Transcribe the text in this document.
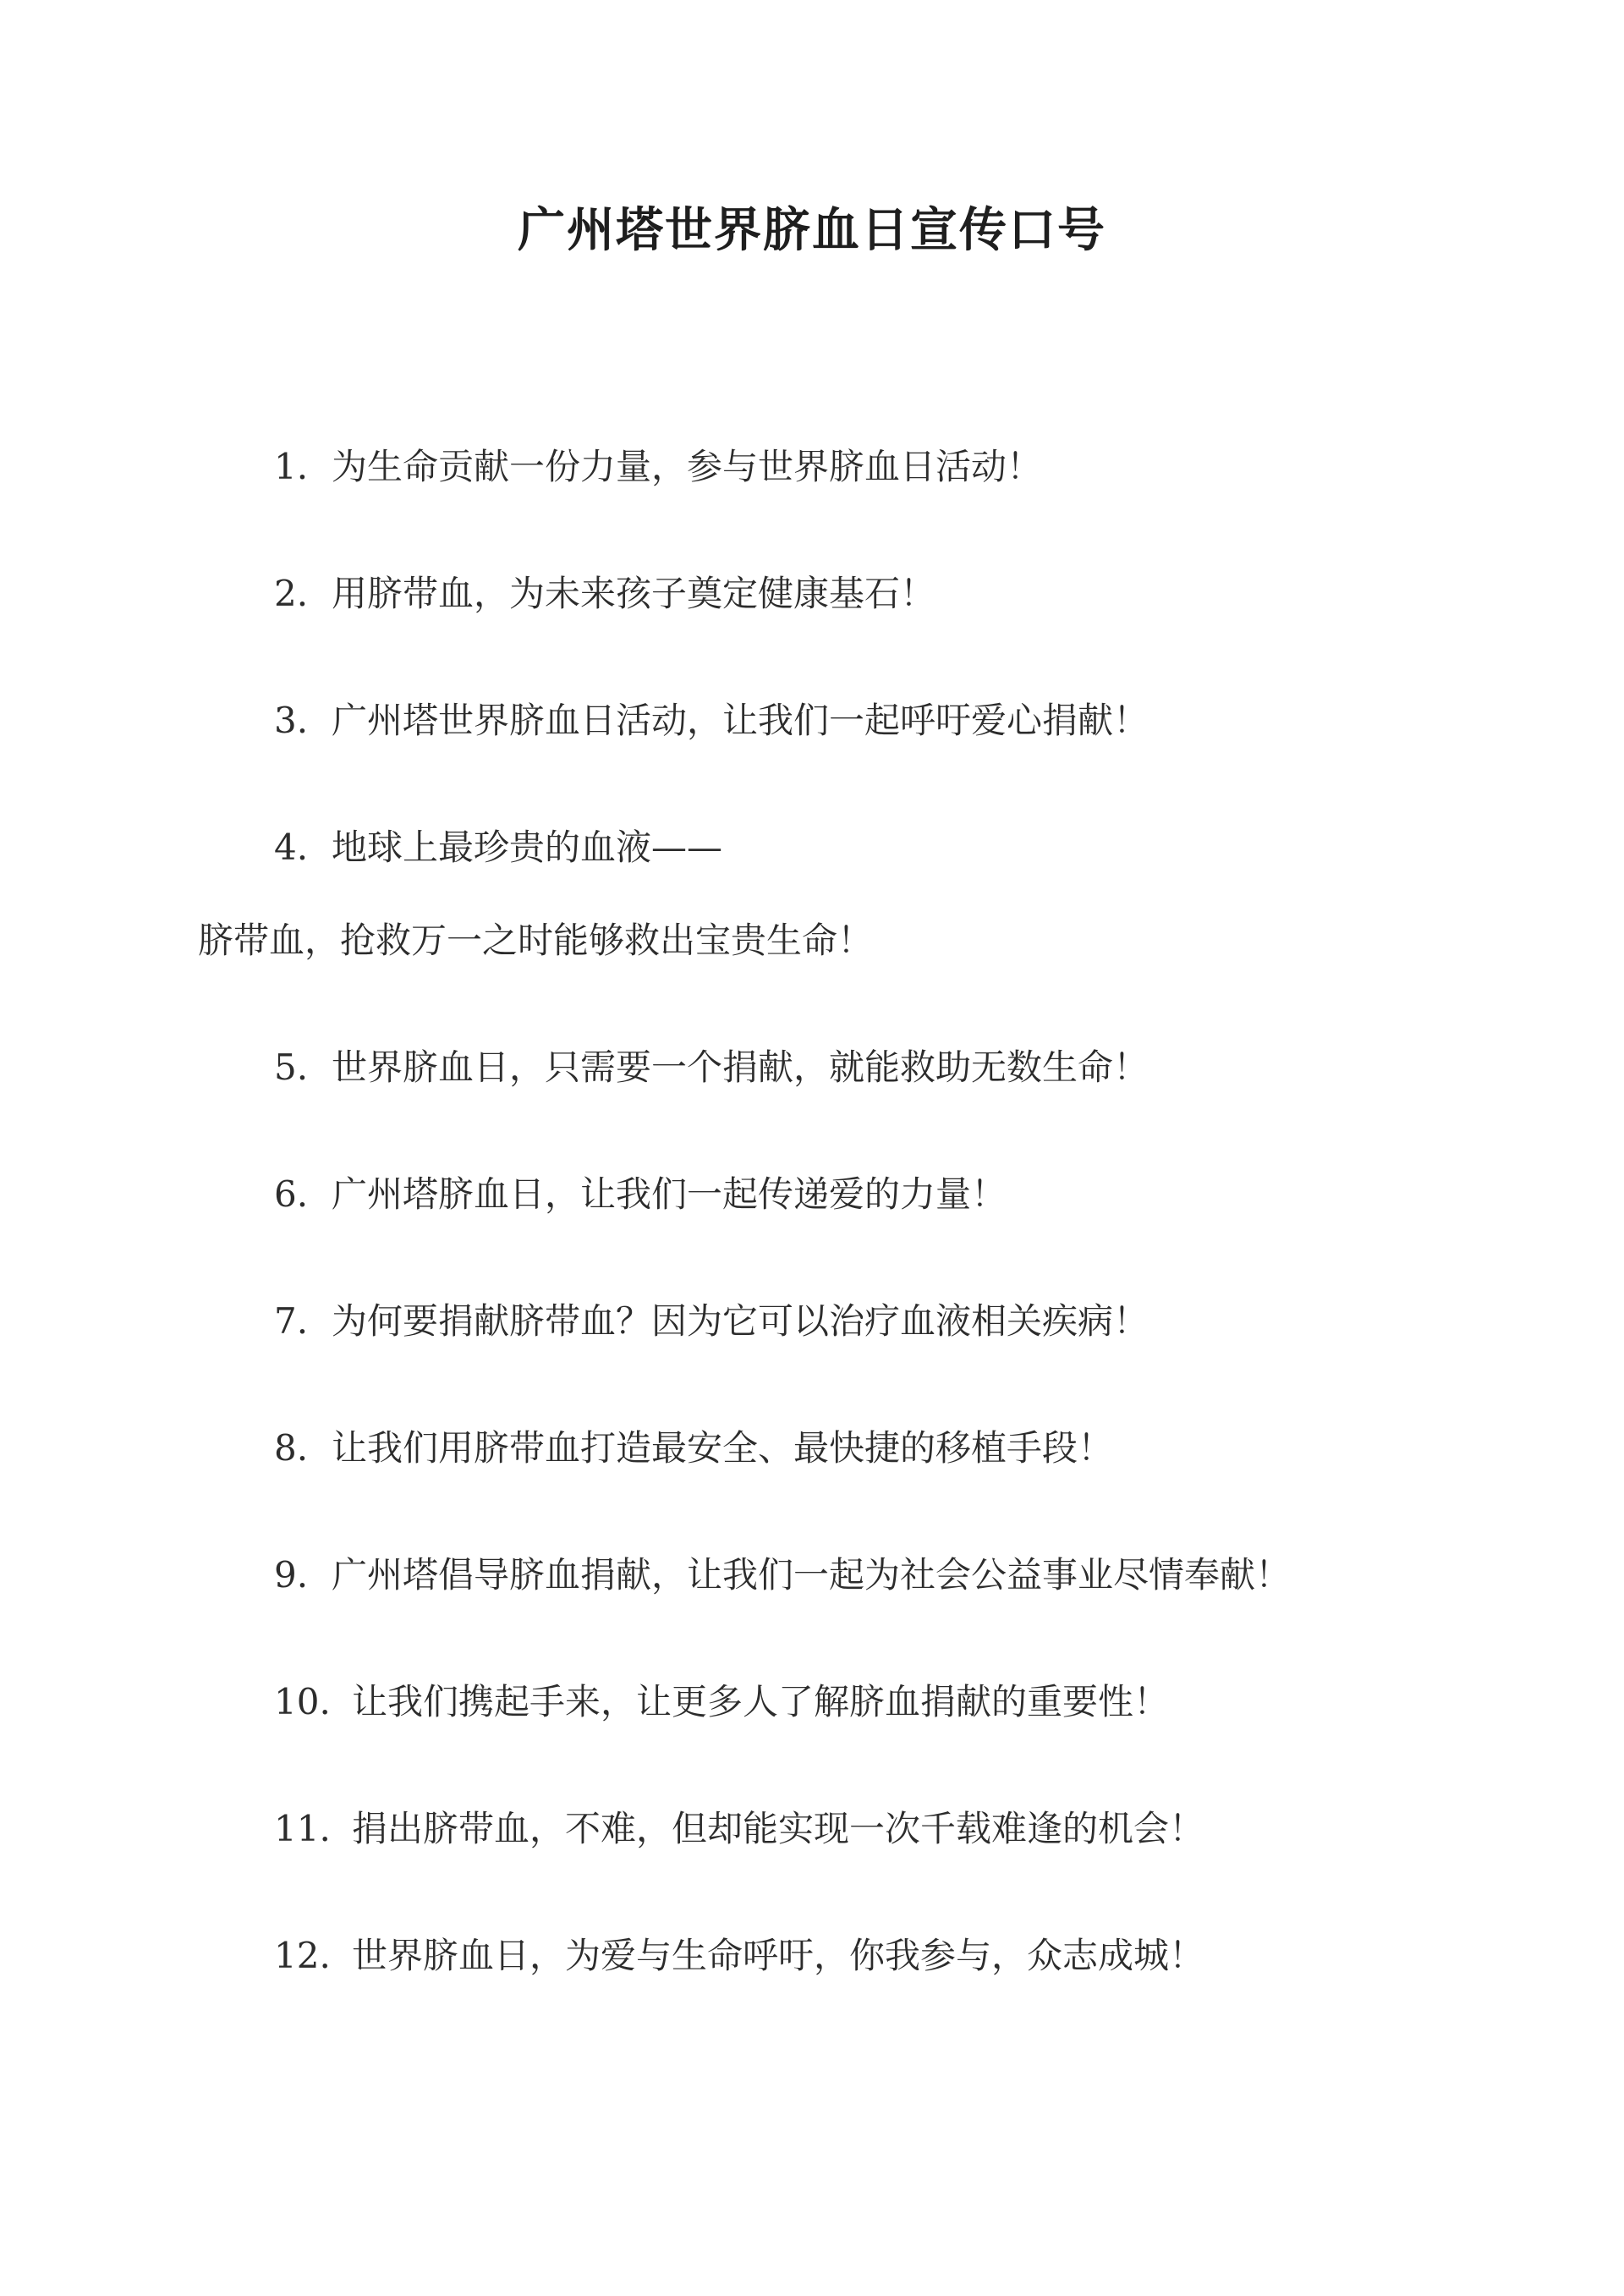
广州塔世界脐血日宣传口号
1. 为生命贡献一份力量，参与世界脐血日活动！
2. 用脐带血，为未来孩子奠定健康基石！
3. 广州塔世界脐血日活动，让我们一起呼吁爱心捐献！
4. 地球上最珍贵的血液——
脐带血，抢救万一之时能够救出宝贵生命！
5. 世界脐血日，只需要一个捐献，就能救助无数生命！
6. 广州塔脐血日，让我们一起传递爱的力量！
7. 为何要捐献脐带血？因为它可以治疗血液相关疾病！
8. 让我们用脐带血打造最安全、最快捷的移植手段！
9. 广州塔倡导脐血捐献，让我们一起为社会公益事业尽情奉献！
10. 让我们携起手来，让更多人了解脐血捐献的重要性！
11. 捐出脐带血，不难，但却能实现一次千载难逢的机会！
12. 世界脐血日，为爱与生命呼吁，你我参与，众志成城！
